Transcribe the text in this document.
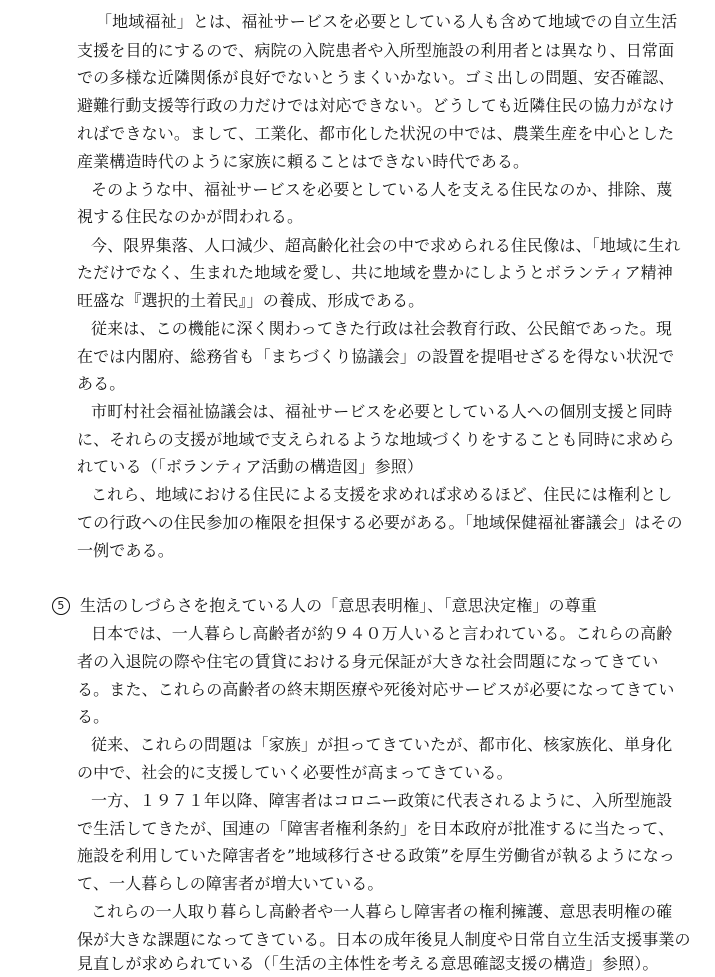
「地域福祉」とは、福祉サービスを必要としている人も含めて地域での自立生活
支援を目的にするので、病院の入院患者や入所型施設の利用者とは異なり、日常面
での多様な近隣関係が良好でないとうまくいかない。ゴミ出しの問題、安否確認、
避難行動支援等行政の力だけでは対応できない。どうしても近隣住民の協力がなけ
ればできない。まして、工業化、都市化した状況の中では、農業生産を中心とした
産業構造時代のように家族に頼ることはできない時代である。
そのような中、福祉サービスを必要としている人を支える住民なのか、排除、蔑
視する住民なのかが問われる。
今、限界集落、人口減少、超高齢化社会の中で求められる住民像は、「地域に生れ
ただけでなく、生まれた地域を愛し、共に地域を豊かにしようとボランティア精神
旺盛な『選択的土着民』」の養成、形成である。
従来は、この機能に深く関わってきた行政は社会教育行政、公民館であった。現
在では内閣府、総務省も「まちづくり協議会」の設置を提唱せざるを得ない状況で
ある。
市町村社会福祉協議会は、福祉サービスを必要としている人への個別支援と同時
に、それらの支援が地域で支えられるような地域づくりをすることも同時に求めら
れている（「ボランティア活動の構造図」参照）
これら、地域における住民による支援を求めれば求めるほど、住民には権利とし
ての行政への住民参加の権限を担保する必要がある。「地域保健福祉審議会」はその
一例である。
5 生活のしづらさを抱えている人の「意思表明権」、「意思決定権」の尊重
日本では、一人暮らし高齢者が約９４０万人いると言われている。これらの高齢
者の入退院の際や住宅の賃貸における身元保証が大きな社会問題になってきてい
る。また、これらの高齢者の終末期医療や死後対応サービスが必要になってきてい
る。
従来、これらの問題は「家族」が担ってきていたが、都市化、核家族化、単身化
の中で、社会的に支援していく必要性が高まってきている。
一方、１９７１年以降、障害者はコロニー政策に代表されるように、入所型施設
で生活してきたが、国連の「障害者権利条約」を日本政府が批准するに当たって、
施設を利用していた障害者を”地域移行させる政策”を厚生労働省が執るようになっ
て、一人暮らしの障害者が増大いている。
これらの一人取り暮らし高齢者や一人暮らし障害者の権利擁護、意思表明権の確
保が大きな課題になってきている。日本の成年後見人制度や日常自立生活支援事業の
見直しが求められている（「生活の主体性を考える意思確認支援の構造」参照）。
